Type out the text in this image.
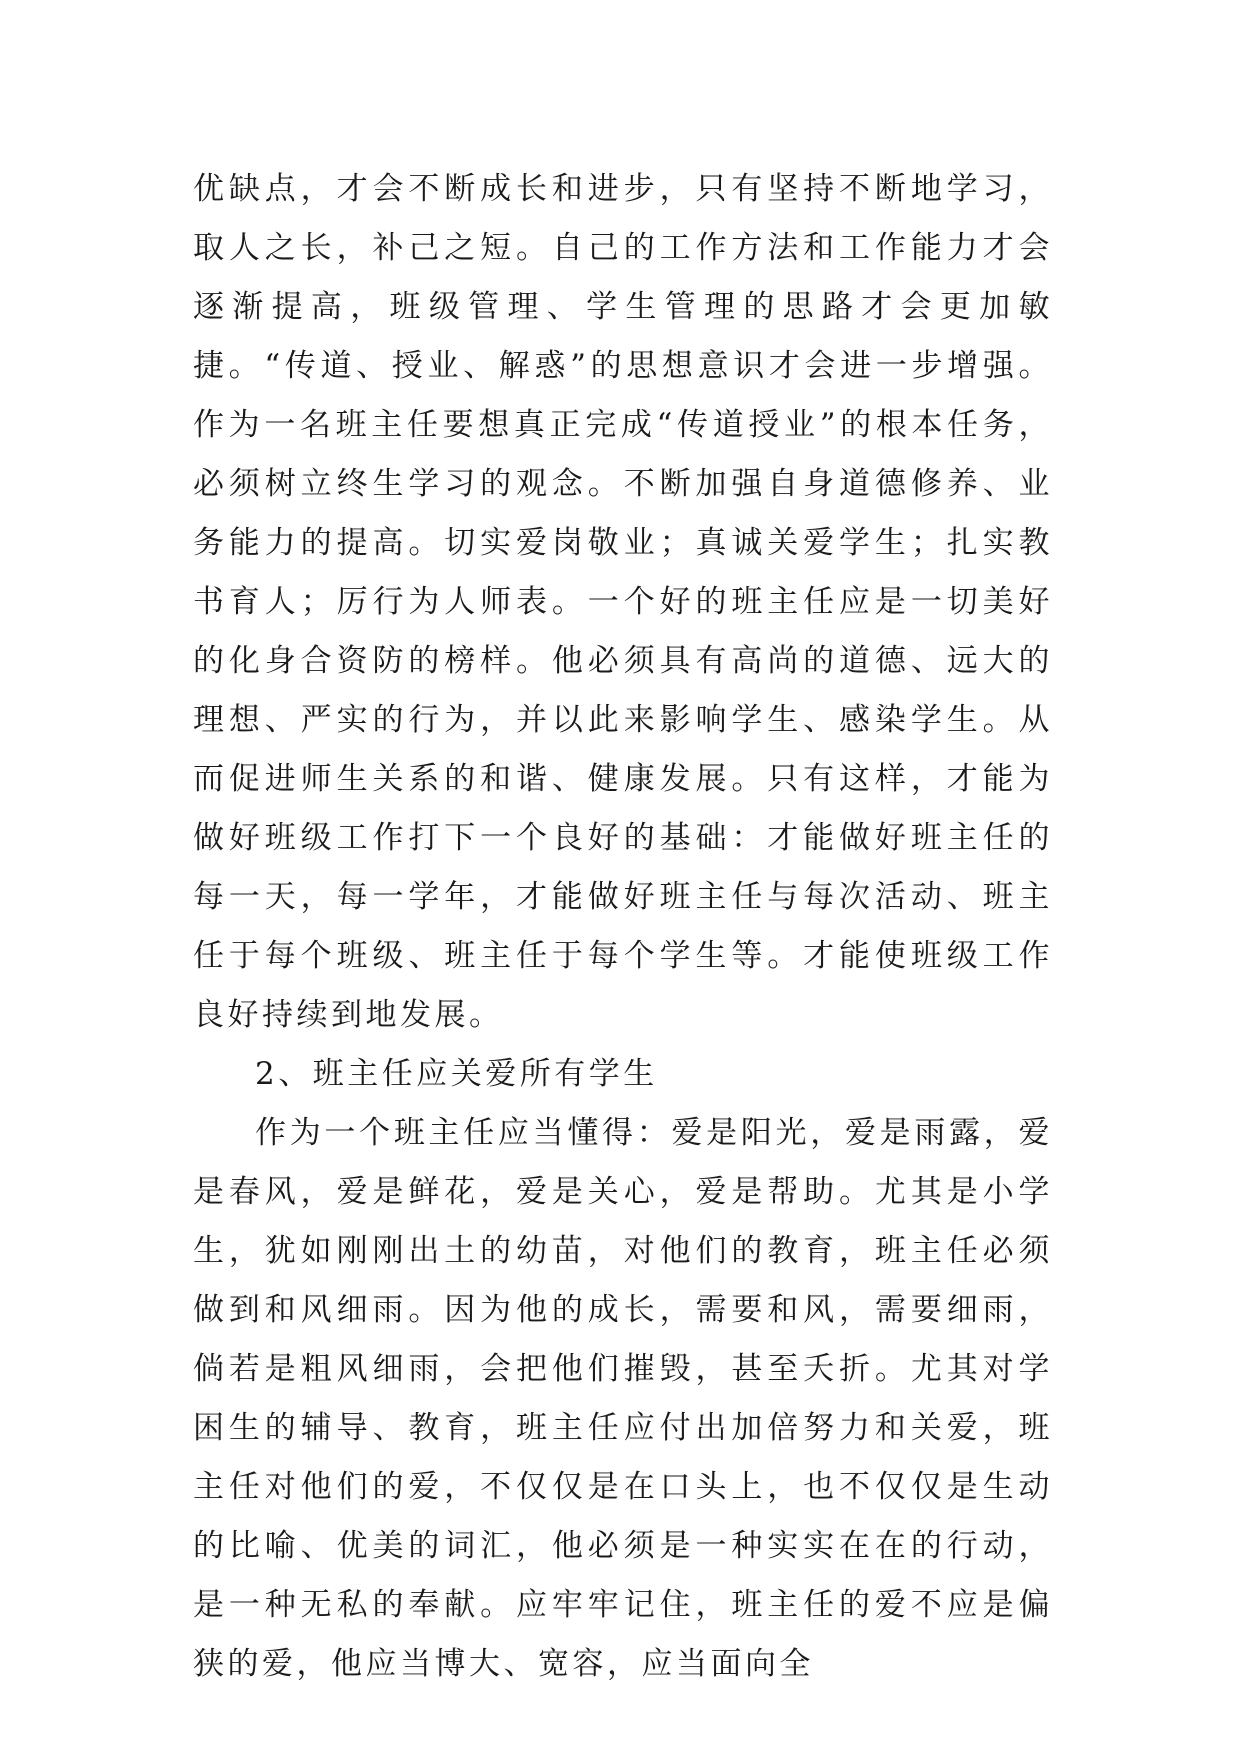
优缺点，才会不断成长和进步，只有坚持不断地学习，取人之长，补己之短。自己的工作方法和工作能力才会逐渐提高，班级管理、学生管理的思路才会更加敏捷。“传道、授业、解惑”的思想意识才会进一步增强。作为一名班主任要想真正完成“传道授业”的根本任务，必须树立终生学习的观念。不断加强自身道德修养、业务能力的提高。切实爱岗敬业；真诚关爱学生；扎实教书育人；厉行为人师表。一个好的班主任应是一切美好的化身合资防的榜样。他必须具有高尚的道德、远大的理想、严实的行为，并以此来影响学生、感染学生。从而促进师生关系的和谐、健康发展。只有这样，才能为做好班级工作打下一个良好的基础：才能做好班主任的每一天，每一学年，才能做好班主任与每次活动、班主任于每个班级、班主任于每个学生等。才能使班级工作良好持续到地发展。

2、班主任应关爱所有学生

作为一个班主任应当懂得：爱是阳光，爱是雨露，爱是春风，爱是鲜花，爱是关心，爱是帮助。尤其是小学生，犹如刚刚出土的幼苗，对他们的教育，班主任必须做到和风细雨。因为他的成长，需要和风，需要细雨，倘若是粗风细雨，会把他们摧毁，甚至夭折。尤其对学困生的辅导、教育，班主任应付出加倍努力和关爱，班主任对他们的爱，不仅仅是在口头上，也不仅仅是生动的比喻、优美的词汇，他必须是一种实实在在的行动，是一种无私的奉献。应牢牢记住，班主任的爱不应是偏狭的爱，他应当博大、宽容，应当面向全
